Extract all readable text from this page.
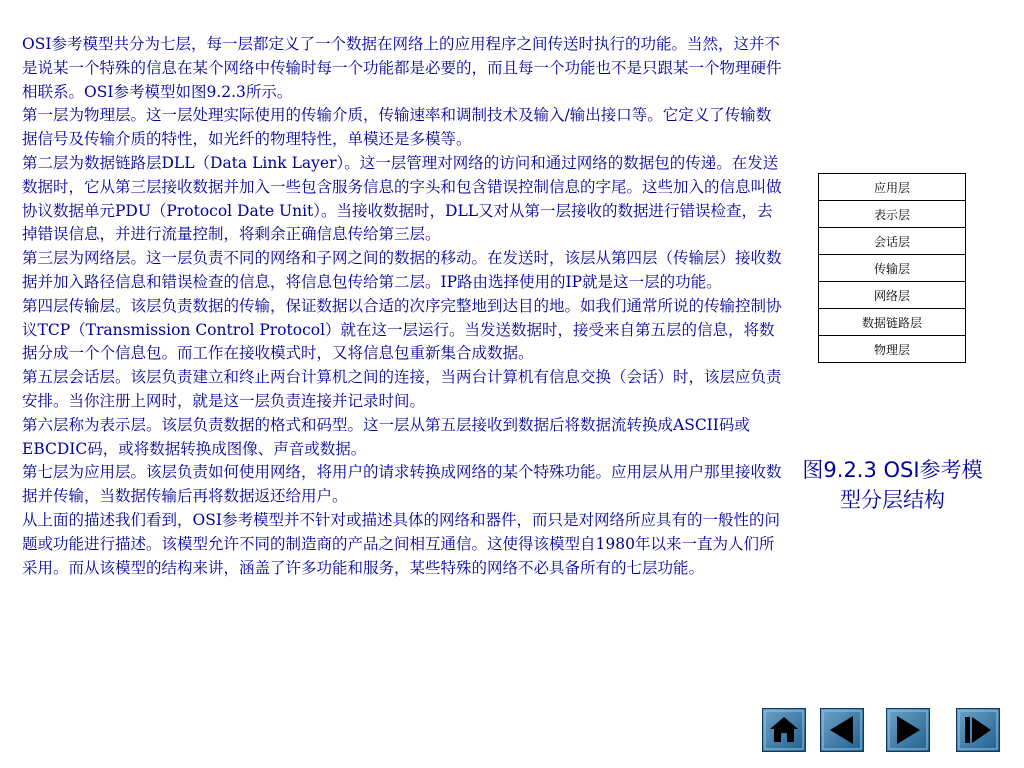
OSI参考模型共分为七层，每一层都定义了一个数据在网络上的应用程序之间传送时执行的功能。当然，这并不是说某一个特殊的信息在某个网络中传输时每一个功能都是必要的，而且每一个功能也不是只跟某一个物理硬件相联系。OSI参考模型如图9.2.3所示。

第一层为物理层。这一层处理实际使用的传输介质，传输速率和调制技术及输入/输出接口等。它定义了传输数据信号及传输介质的特性，如光纤的物理特性，单模还是多模等。

第二层为数据链路层DLL（Data Link Layer）。这一层管理对网络的访问和通过网络的数据包的传递。在发送数据时，它从第三层接收数据并加入一些包含服务信息的字头和包含错误控制信息的字尾。这些加入的信息叫做协议数据单元PDU（Protocol Date Unit）。当接收数据时，DLL又对从第一层接收的数据进行错误检查，去掉错误信息，并进行流量控制，将剩余正确信息传给第三层。

第三层为网络层。这一层负责不同的网络和子网之间的数据的移动。在发送时，该层从第四层（传输层）接收数据并加入路径信息和错误检查的信息，将信息包传给第二层。IP路由选择使用的IP就是这一层的功能。

第四层传输层。该层负责数据的传输，保证数据以合适的次序完整地到达目的地。如我们通常所说的传输控制协议TCP（Transmission Control Protocol）就在这一层运行。当发送数据时，接受来自第五层的信息，将数据分成一个个信息包。而工作在接收模式时，又将信息包重新集合成数据。

第五层会话层。该层负责建立和终止两台计算机之间的连接，当两台计算机有信息交换（会话）时，该层应负责安排。当你注册上网时，就是这一层负责连接并记录时间。

第六层称为表示层。该层负责数据的格式和码型。这一层从第五层接收到数据后将数据流转换成ASCII码或EBCDIC码，或将数据转换成图像、声音或数据。

第七层为应用层。该层负责如何使用网络，将用户的请求转换成网络的某个特殊功能。应用层从用户那里接收数据并传输，当数据传输后再将数据返还给用户。

从上面的描述我们看到，OSI参考模型并不针对或描述具体的网络和器件，而只是对网络所应具有的一般性的问题或功能进行描述。该模型允许不同的制造商的产品之间相互通信。这使得该模型自1980年以来一直为人们所采用。而从该模型的结构来讲，涵盖了许多功能和服务，某些特殊的网络不必具备所有的七层功能。

应用层
表示层
会话层
传输层
网络层
数据链路层
物理层
图9.2.3 OSI参考模型分层结构
